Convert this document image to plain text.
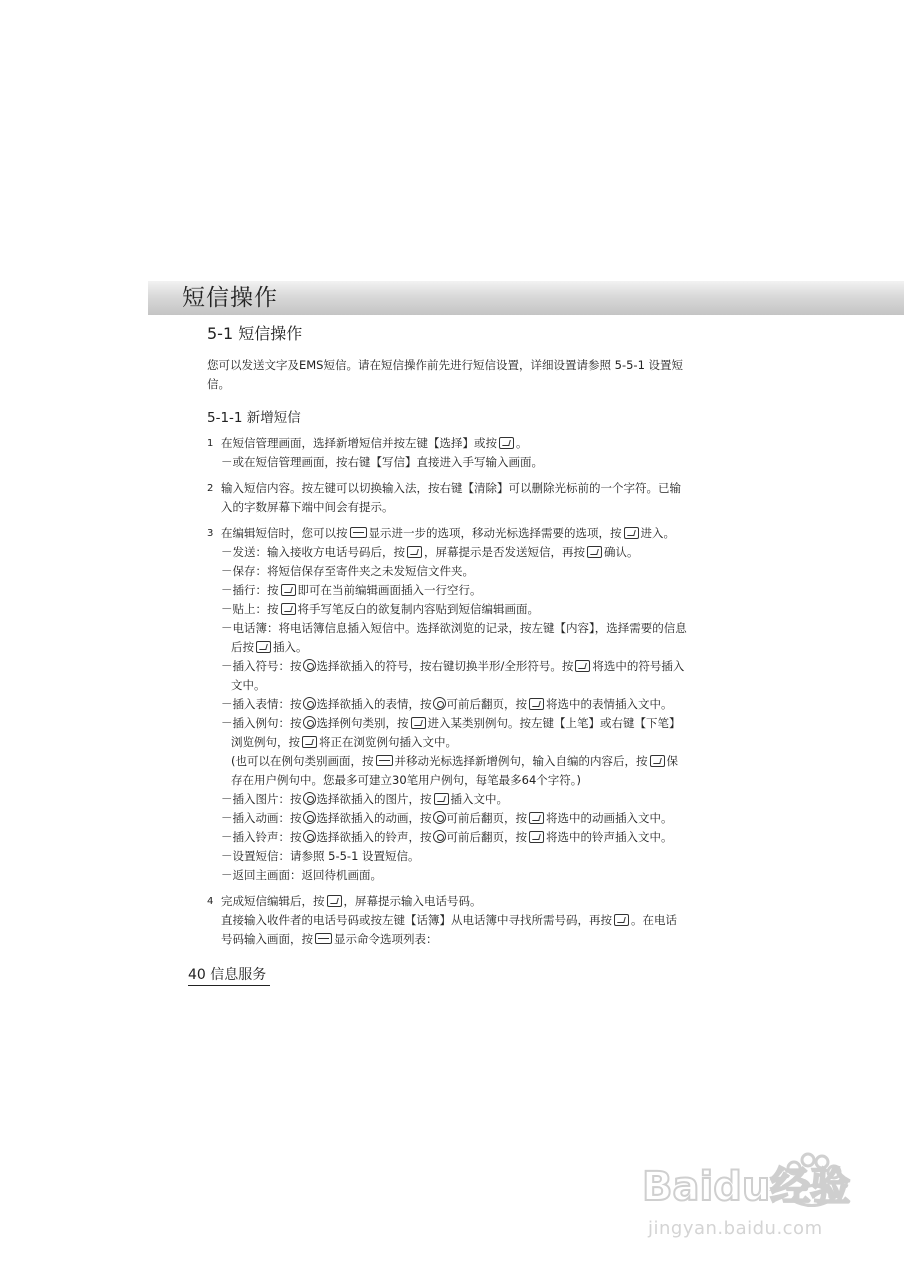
短信操作
5-1 短信操作
您可以发送文字及EMS短信。请在短信操作前先进行短信设置，详细设置请参照 5-5-1 设置短信。
5-1-1 新增短信
1 在短信管理画面，选择新增短信并按左键【选择】或按 。
－或在短信管理画面，按右键【写信】直接进入手写输入画面。
2 输入短信内容。按左键可以切换输入法，按右键【清除】可以删除光标前的一个字符。已输入的字数屏幕下端中间会有提示。
3 在编辑短信时，您可以按 显示进一步的选项，移动光标选择需要的选项，按 进入。
－发送：输入接收方电话号码后，按 ，屏幕提示是否发送短信，再按 确认。
－保存：将短信保存至寄件夹之未发短信文件夹。
－插行：按 即可在当前编辑画面插入一行空行。
－贴上：按 将手写笔反白的欲复制内容贴到短信编辑画面。
－电话簿：将电话簿信息插入短信中。选择欲浏览的记录，按左键【内容】，选择需要的信息后按 插入。
－插入符号：按 选择欲插入的符号，按右键切换半形/全形符号。按 将选中的符号插入文中。
－插入表情：按 选择欲插入的表情，按 可前后翻页，按 将选中的表情插入文中。
－插入例句：按 选择例句类别，按 进入某类别例句。按左键【上笔】或右键【下笔】浏览例句，按 将正在浏览例句插入文中。
(也可以在例句类别画面，按 并移动光标选择新增例句，输入自编的内容后，按 保存在用户例句中。您最多可建立30笔用户例句，每笔最多64个字符。)
－插入图片：按 选择欲插入的图片，按 插入文中。
－插入动画：按 选择欲插入的动画，按 可前后翻页，按 将选中的动画插入文中。
－插入铃声：按 选择欲插入的铃声，按 可前后翻页，按 将选中的铃声插入文中。
－设置短信：请参照 5-5-1 设置短信。
－返回主画面：返回待机画面。
4 完成短信编辑后，按 ，屏幕提示输入电话号码。
直接输入收件者的电话号码或按左键【话簿】从电话簿中寻找所需号码，再按 。在电话号码输入画面，按 显示命令选项列表：
40 信息服务
Baidu经验
jingyan.baidu.com
